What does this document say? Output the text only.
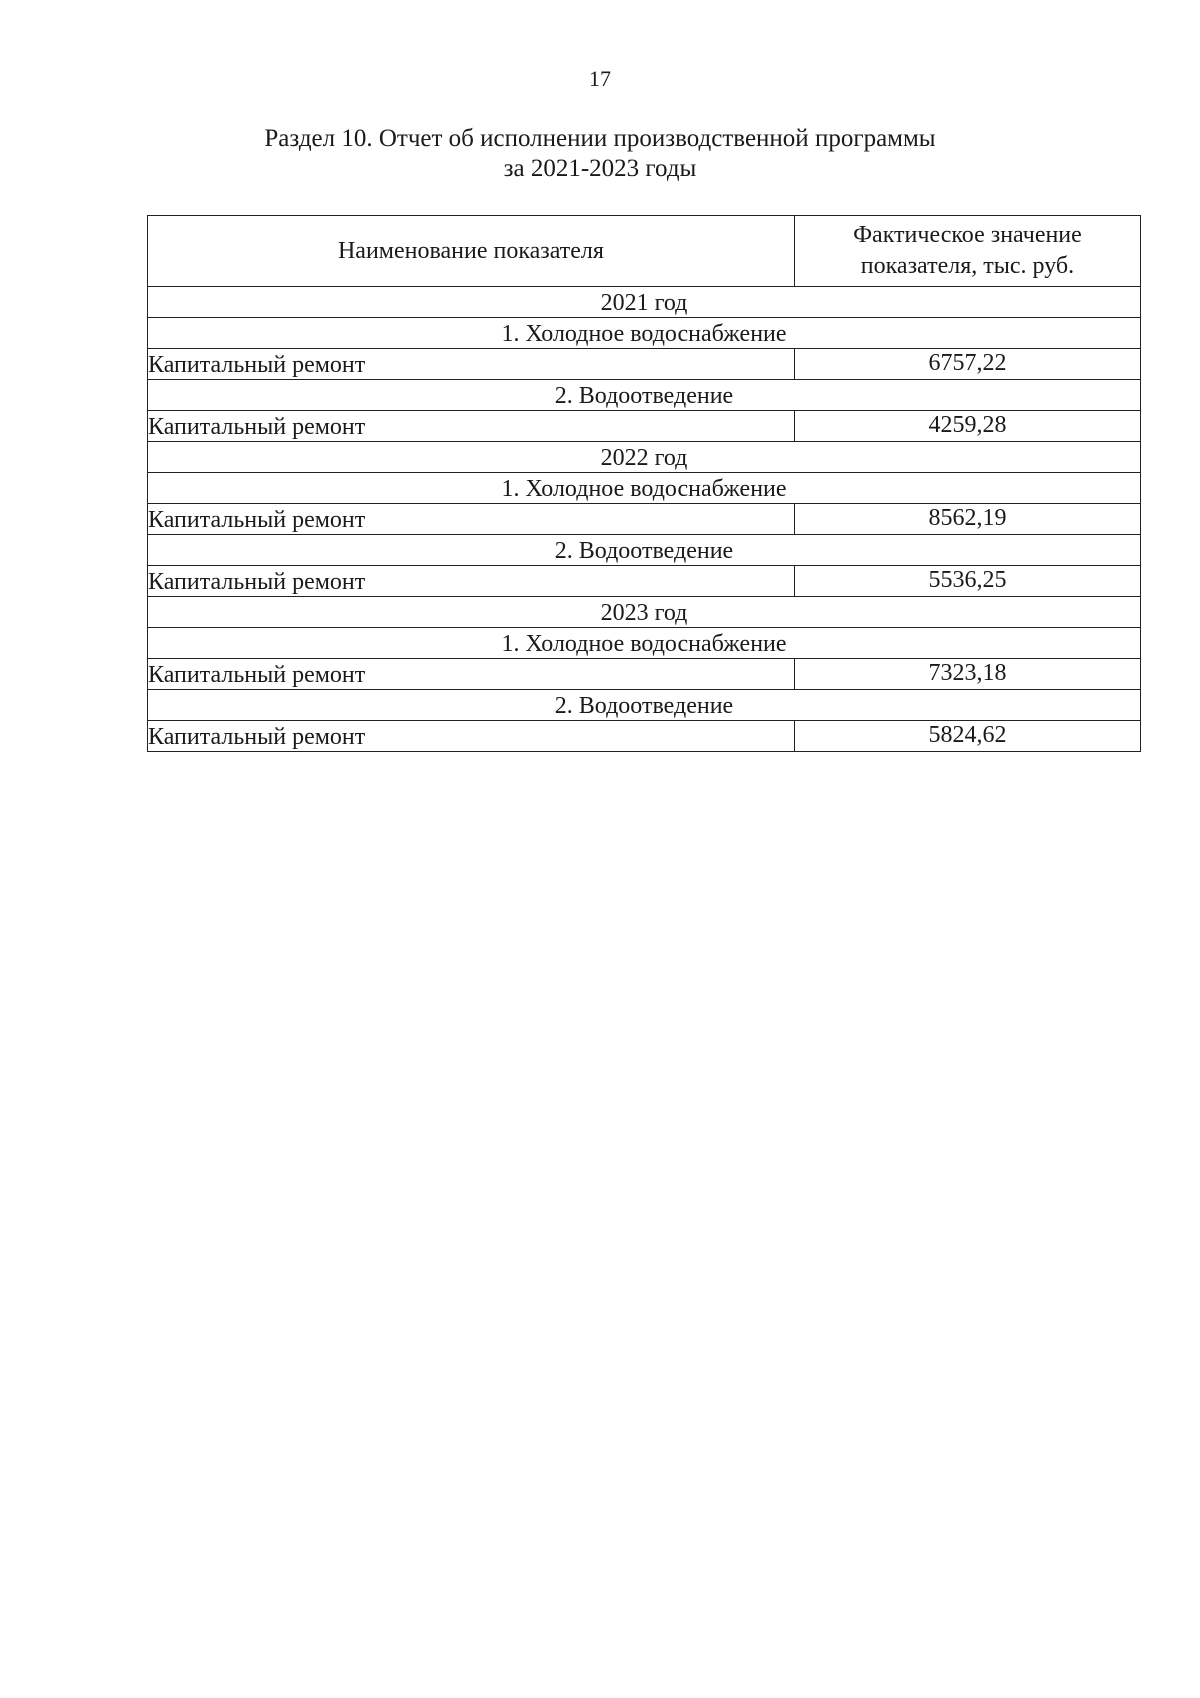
17
Раздел 10. Отчет об исполнении производственной программы
за 2021-2023 годы
Наименование показателя	Фактическое значение
показателя, тыс. руб.
2021 год	
1. Холодное водоснабжение	
Капитальный ремонт	6757,22
2. Водоотведение	
Капитальный ремонт	4259,28
2022 год	
1. Холодное водоснабжение	
Капитальный ремонт	8562,19
2. Водоотведение	
Капитальный ремонт	5536,25
2023 год	
1. Холодное водоснабжение	
Капитальный ремонт	7323,18
2. Водоотведение	
Капитальный ремонт	5824,62
